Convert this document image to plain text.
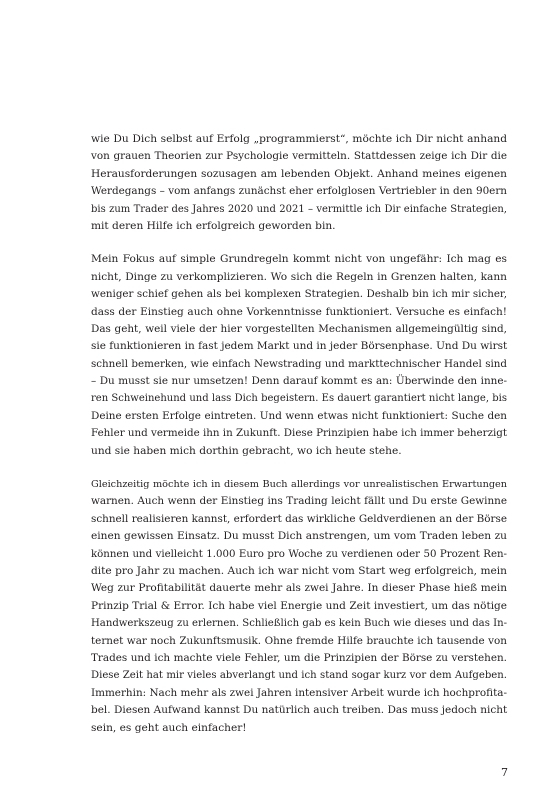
wie Du Dich selbst auf Erfolg „programmierst“, möchte ich Dir nicht anhand
von grauen Theorien zur Psychologie vermitteln. Stattdessen zeige ich Dir die
Herausforderungen sozusagen am lebenden Objekt. Anhand meines eigenen
Werdegangs – vom anfangs zunächst eher erfolglosen Vertriebler in den 90ern
bis zum Trader des Jahres 2020 und 2021 – vermittle ich Dir einfache Strategien,
mit deren Hilfe ich erfolgreich geworden bin.

Mein Fokus auf simple Grundregeln kommt nicht von ungefähr: Ich mag es
nicht, Dinge zu verkomplizieren. Wo sich die Regeln in Grenzen halten, kann
weniger schief gehen als bei komplexen Strategien. Deshalb bin ich mir sicher,
dass der Einstieg auch ohne Vorkenntnisse funktioniert. Versuche es einfach!
Das geht, weil viele der hier vorgestellten Mechanismen allgemeingültig sind,
sie funktionieren in fast jedem Markt und in jeder Börsenphase. Und Du wirst
schnell bemerken, wie einfach Newstrading und markttechnischer Handel sind
– Du musst sie nur umsetzen! Denn darauf kommt es an: Überwinde den inne-
ren Schweinehund und lass Dich begeistern. Es dauert garantiert nicht lange, bis
Deine ersten Erfolge eintreten. Und wenn etwas nicht funktioniert: Suche den
Fehler und vermeide ihn in Zukunft. Diese Prinzipien habe ich immer beherzigt
und sie haben mich dorthin gebracht, wo ich heute stehe.

Gleichzeitig möchte ich in diesem Buch allerdings vor unrealistischen Erwartungen
warnen. Auch wenn der Einstieg ins Trading leicht fällt und Du erste Gewinne
schnell realisieren kannst, erfordert das wirkliche Geldverdienen an der Börse
einen gewissen Einsatz. Du musst Dich anstrengen, um vom Traden leben zu
können und vielleicht 1.000 Euro pro Woche zu verdienen oder 50 Prozent Ren-
dite pro Jahr zu machen. Auch ich war nicht vom Start weg erfolgreich, mein
Weg zur Profitabilität dauerte mehr als zwei Jahre. In dieser Phase hieß mein
Prinzip Trial & Error. Ich habe viel Energie und Zeit investiert, um das nötige
Handwerkszeug zu erlernen. Schließlich gab es kein Buch wie dieses und das In-
ternet war noch Zukunftsmusik. Ohne fremde Hilfe brauchte ich tausende von
Trades und ich machte viele Fehler, um die Prinzipien der Börse zu verstehen.
Diese Zeit hat mir vieles abverlangt und ich stand sogar kurz vor dem Aufgeben.
Immerhin: Nach mehr als zwei Jahren intensiver Arbeit wurde ich hochprofita-
bel. Diesen Aufwand kannst Du natürlich auch treiben. Das muss jedoch nicht
sein, es geht auch einfacher!

7
